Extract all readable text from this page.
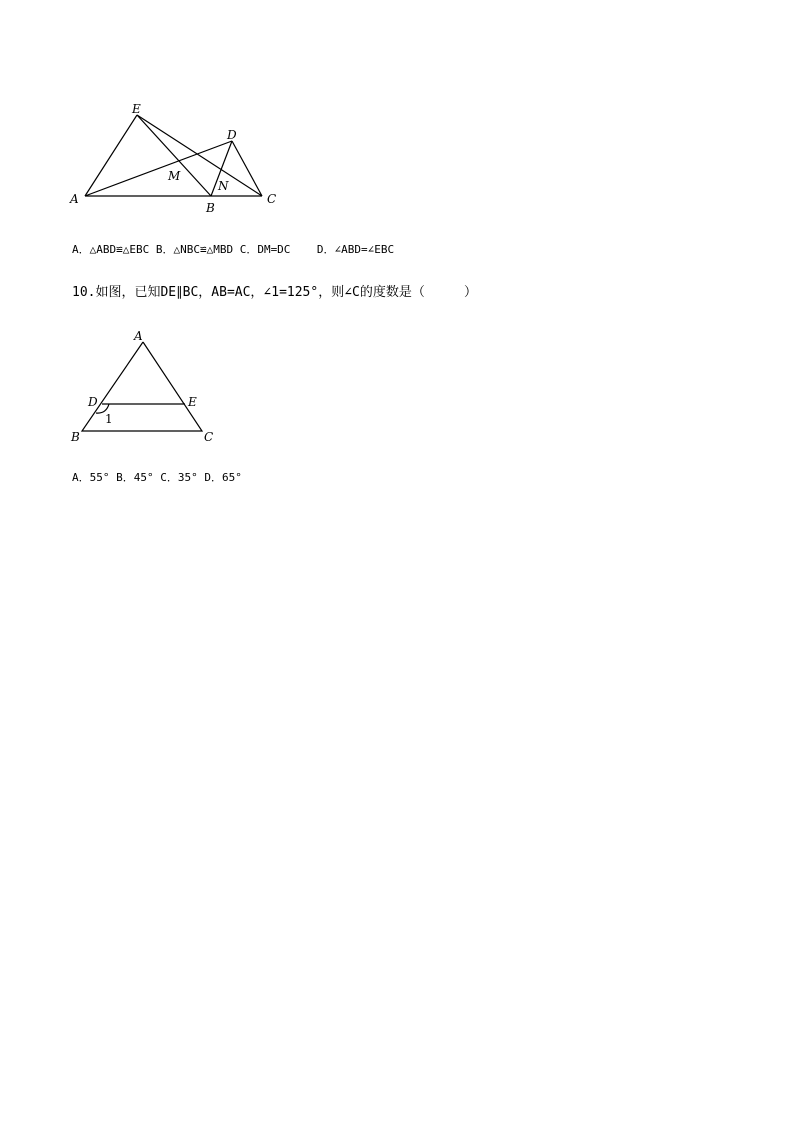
E
D
A
B
C
M
N
A．△ABD≌△EBC B．△NBC≌△MBD C．DM=DC    D．∠ABD=∠EBC
10.如图，已知DE∥BC，AB=AC，∠1=125°，则∠C的度数是（     ）
A
D	E
B	C
1
A．55° B．45° C．35° D．65°
